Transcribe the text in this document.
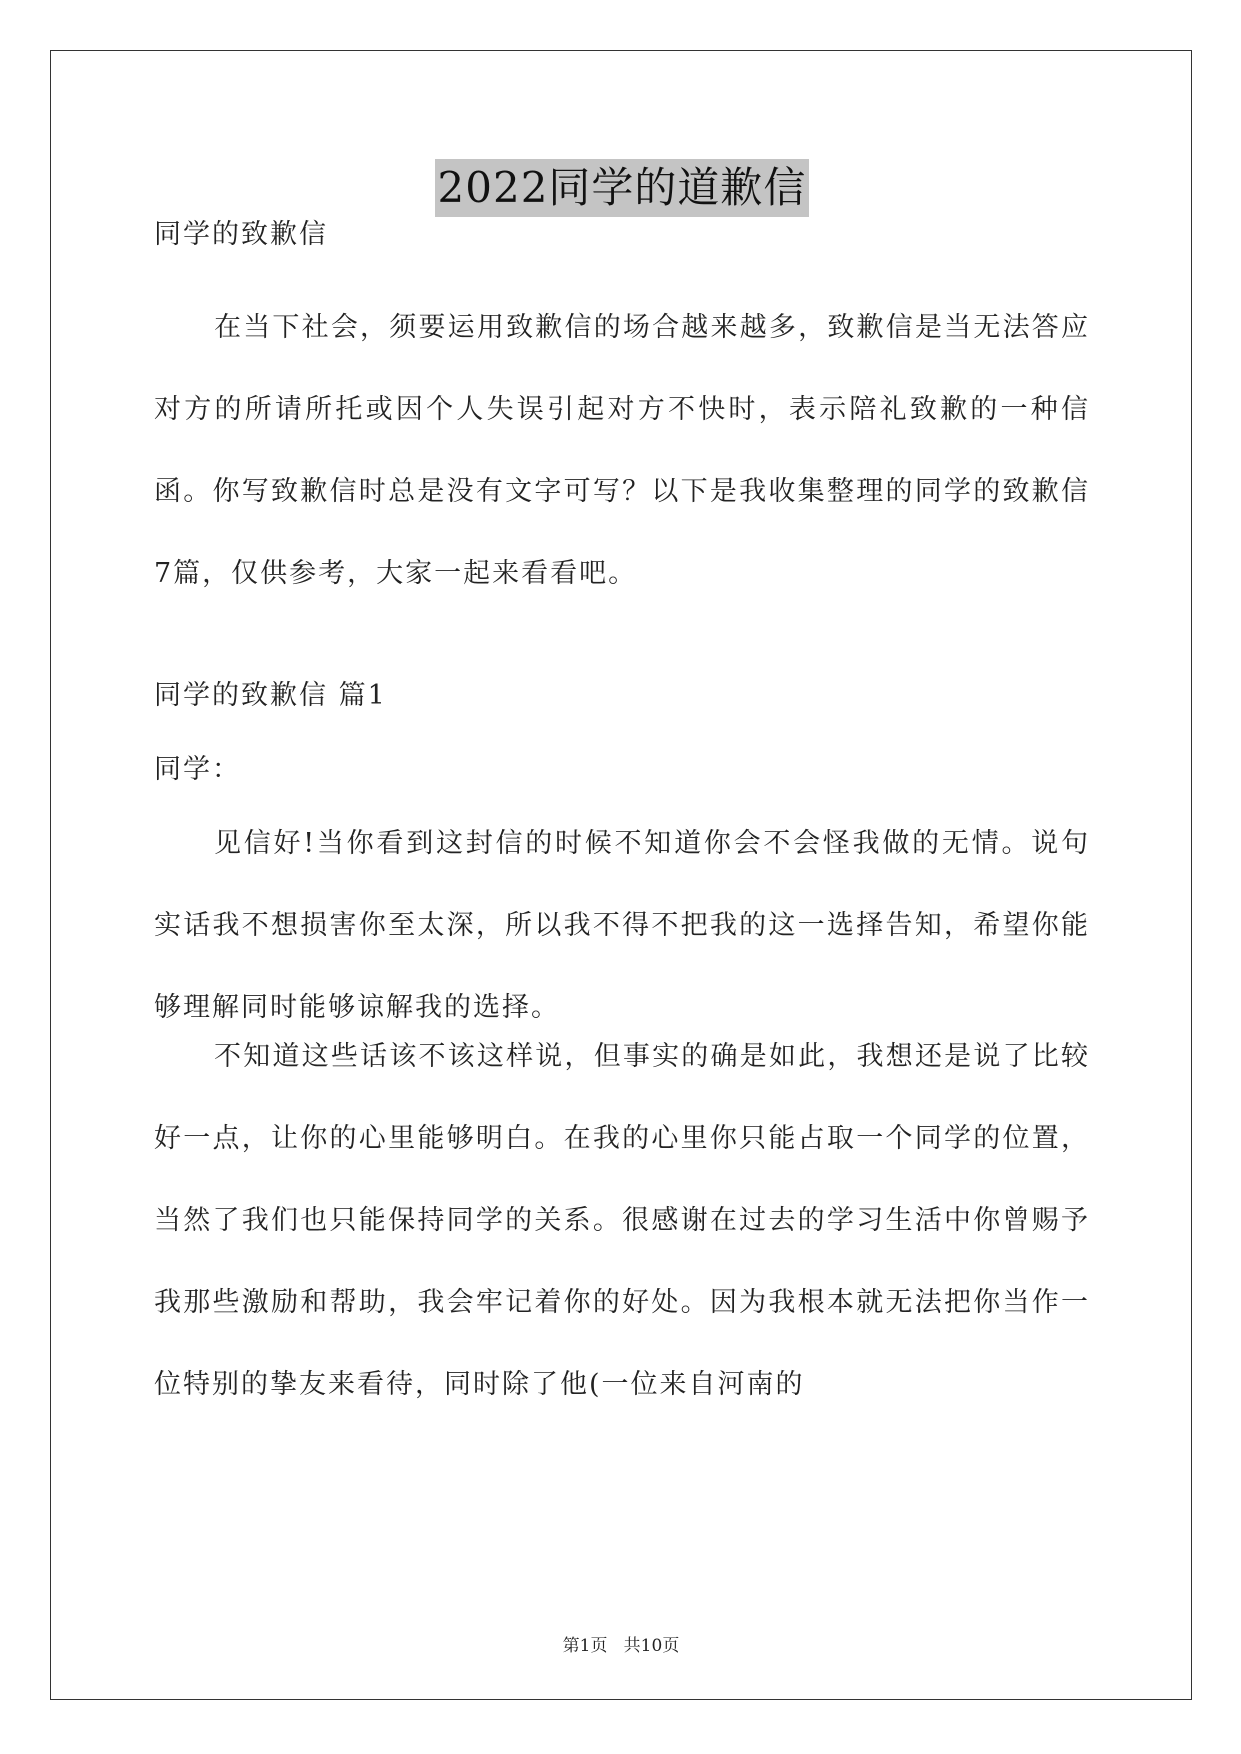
2022同学的道歉信

同学的致歉信

在当下社会，须要运用致歉信的场合越来越多，致歉信是当无法答应对方的所请所托或因个人失误引起对方不快时，表示陪礼致歉的一种信函。你写致歉信时总是没有文字可写？以下是我收集整理的同学的致歉信7篇，仅供参考，大家一起来看看吧。

同学的致歉信 篇1

同学：

见信好!当你看到这封信的时候不知道你会不会怪我做的无情。说句实话我不想损害你至太深，所以我不得不把我的这一选择告知，希望你能够理解同时能够谅解我的选择。

不知道这些话该不该这样说，但事实的确是如此，我想还是说了比较好一点，让你的心里能够明白。在我的心里你只能占取一个同学的位置，当然了我们也只能保持同学的关系。很感谢在过去的学习生活中你曾赐予我那些激励和帮助，我会牢记着你的好处。因为我根本就无法把你当作一位特别的挚友来看待，同时除了他(一位来自河南的

第1页   共10页
